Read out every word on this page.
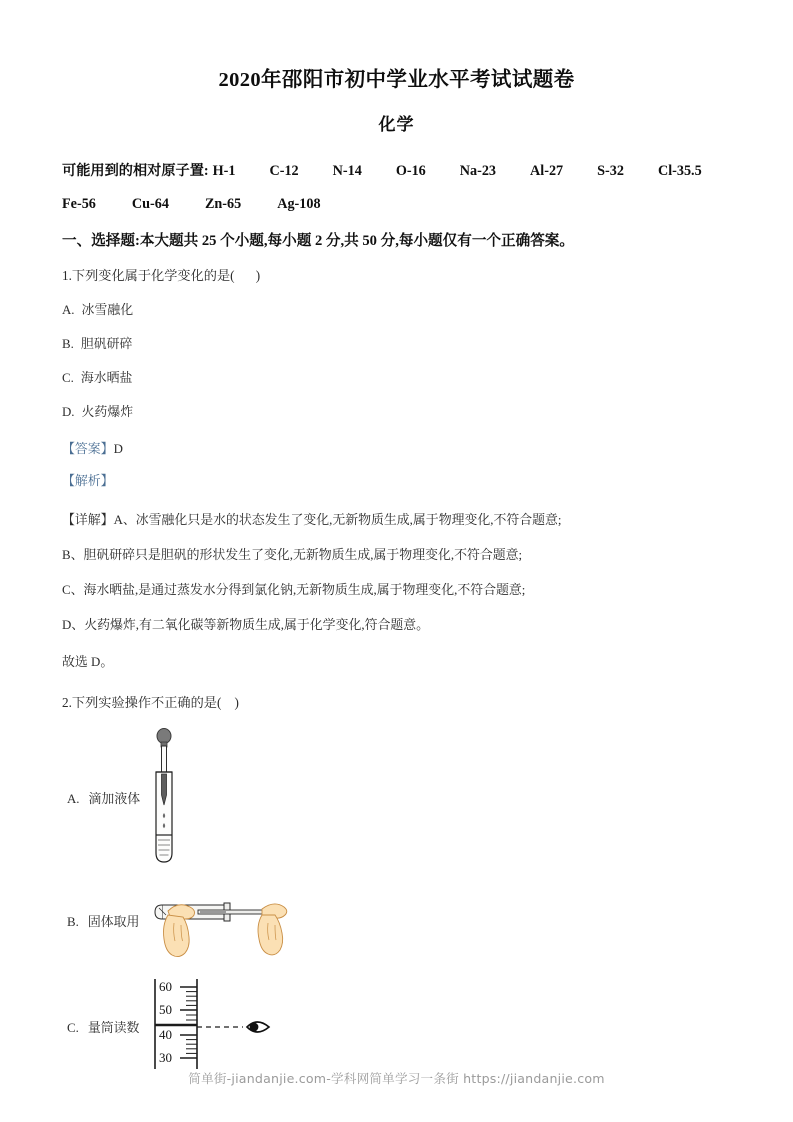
2020年邵阳市初中学业水平考试试题卷
化学
可能用到的相对原子置: H-1 C-12 N-14 O-16 Na-23 Al-27 S-32 Cl-35.5
Fe-56	Cu-64	Zn-65	Ag-108
一、选择题:本大题共 25 个小题,每小题 2 分,共 50 分,每小题仅有一个正确答案。
1.下列变化属于化学变化的是( )
A. 冰雪融化
B. 胆矾研碎
C. 海水晒盐
D. 火药爆炸
【答案】D
【解析】
【详解】A、冰雪融化只是水的状态发生了变化,无新物质生成,属于物理变化,不符合题意;
B、胆矾研碎只是胆矾的形状发生了变化,无新物质生成,属于物理变化,不符合题意;
C、海水晒盐,是通过蒸发水分得到氯化钠,无新物质生成,属于物理变化,不符合题意;
D、火药爆炸,有二氧化碳等新物质生成,属于化学变化,符合题意。
故选 D。
2.下列实验操作不正确的是( )
A. 滴加液体
B. 固体取用
C. 量筒读数
60
50
40
30
简单街-jiandanjie.com-学科网简单学习一条街 https://jiandanjie.com
